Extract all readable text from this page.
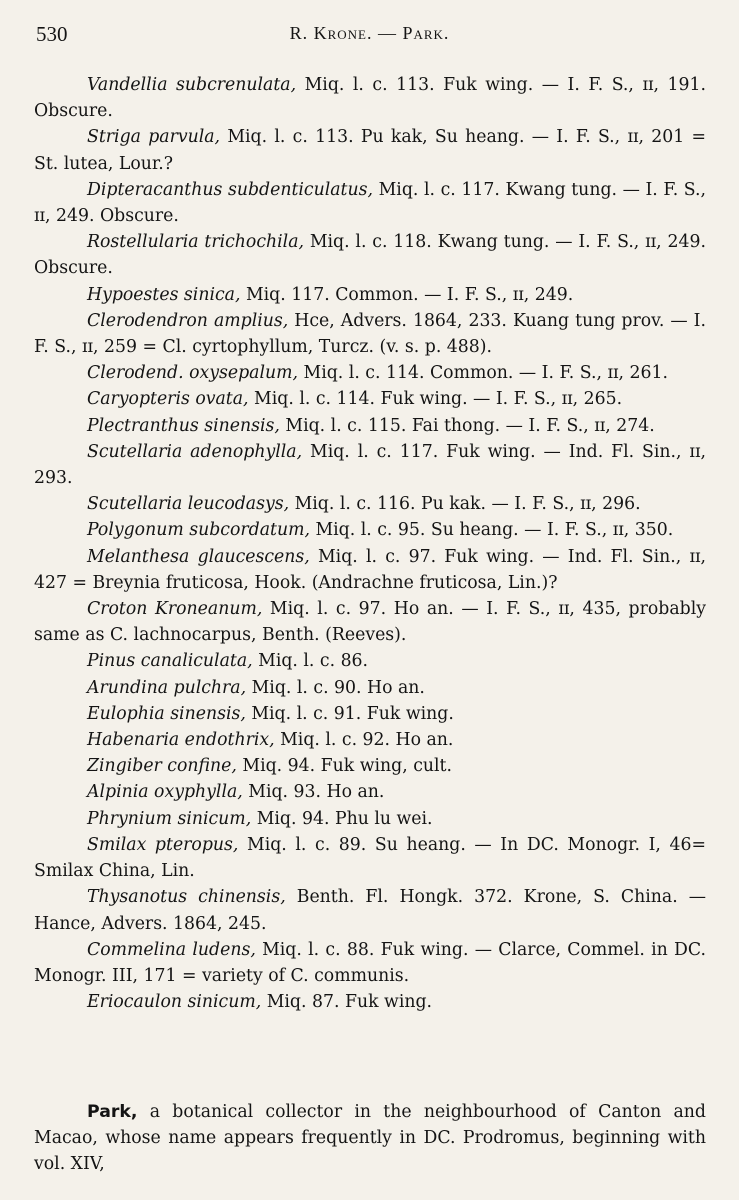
530	R. Krone. — Park.

Vandellia subcrenulata, Miq. l. c. 113. Fuk wing. — I. F. S., ɪɪ, 191. Obscure.

Striga parvula, Miq. l. c. 113. Pu kak, Su heang. — I. F. S., ɪɪ, 201 = St. lutea, Lour.?

Dipteracanthus subdenticulatus, Miq. l. c. 117. Kwang tung. — I. F. S., ɪɪ, 249. Obscure.

Rostellularia trichochila, Miq. l. c. 118. Kwang tung. — I. F. S., ɪɪ, 249. Obscure.

Hypoestes sinica, Miq. 117. Common. — I. F. S., ɪɪ, 249.

Clerodendron amplius, Hce, Advers. 1864, 233. Kuang tung prov. — I. F. S., ɪɪ, 259 = Cl. cyrtophyllum, Turcz. (v. s. p. 488).

Clerodend. oxysepalum, Miq. l. c. 114. Common. — I. F. S., ɪɪ, 261.

Caryopteris ovata, Miq. l. c. 114. Fuk wing. — I. F. S., ɪɪ, 265.

Plectranthus sinensis, Miq. l. c. 115. Fai thong. — I. F. S., ɪɪ, 274.

Scutellaria adenophylla, Miq. l. c. 117. Fuk wing. — Ind. Fl. Sin., ɪɪ, 293.

Scutellaria leucodasys, Miq. l. c. 116. Pu kak. — I. F. S., ɪɪ, 296.

Polygonum subcordatum, Miq. l. c. 95. Su heang. — I. F. S., ɪɪ, 350.

Melanthesa glaucescens, Miq. l. c. 97. Fuk wing. — Ind. Fl. Sin., ɪɪ, 427 = Breynia fruticosa, Hook. (Andrachne fruticosa, Lin.)?

Croton Kroneanum, Miq. l. c. 97. Ho an. — I. F. S., ɪɪ, 435, probably same as C. lachnocarpus, Benth. (Reeves).

Pinus canaliculata, Miq. l. c. 86.

Arundina pulchra, Miq. l. c. 90. Ho an.

Eulophia sinensis, Miq. l. c. 91. Fuk wing.

Habenaria endothrix, Miq. l. c. 92. Ho an.

Zingiber confine, Miq. 94. Fuk wing, cult.

Alpinia oxyphylla, Miq. 93. Ho an.

Phrynium sinicum, Miq. 94. Phu lu wei.

Smilax pteropus, Miq. l. c. 89. Su heang. — In DC. Monogr. I, 46= Smilax China, Lin.

Thysanotus chinensis, Benth. Fl. Hongk. 372. Krone, S. China. — Hance, Advers. 1864, 245.

Commelina ludens, Miq. l. c. 88. Fuk wing. — Clarce, Commel. in DC. Monogr. III, 171 = variety of C. communis.

Eriocaulon sinicum, Miq. 87. Fuk wing.

Park, a botanical collector in the neighbourhood of Canton and Macao, whose name appears frequently in DC. Prodromus, beginning with vol. XIV,
